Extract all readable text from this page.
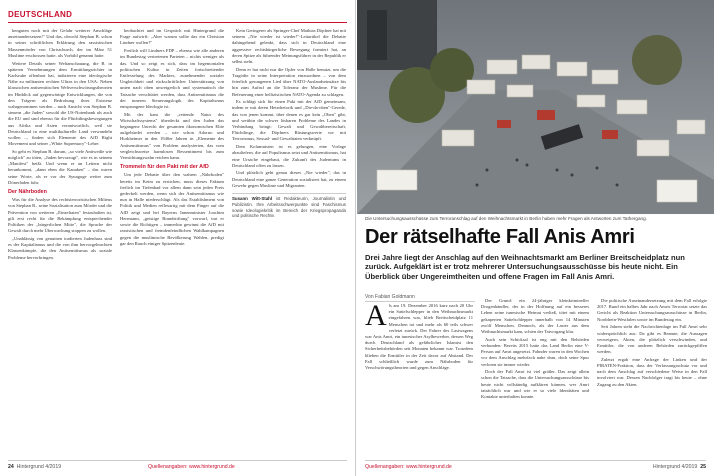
DEUTSCHLAND

kenguten noch mit der Gefahr weiterer Anschläge auseinandersetzen!" Und das, obwohl Stephan B. schon in seiner schriftlichen Erklärung den rassistischen Massenmörder von Christchurch, der im März 51 Muslime erschossen hatte, als Vorbild genannt hatte.

Weitere Details seiner Weltanschauung, die B. in späteren Vernehmungen dem Ermittlungsrichter in Karlsruhe offenbart hat, indizieren eine ideologische Nähe zu militanten rechten Ultras in den USA: Neben klassischen antisemitischen Weltverschwörungstheorien im Hinblick auf gegenwärtige Entwicklungen, die von den Trägern als Bedrohung ihrer Existenz wahrgenommen werden – nach Ansicht von Stephan B. steuern „die Juden" sowohl die US-Notenbank als auch die EU und sind ebenso für die Flüchtlingsbewegungen aus Afrika und Asien verantwortlich, weil sie Deutschland in eine multikulturelle Land verwandeln wollen –, finden sich Elemente des AfD Right Movement und seiner „White Supremacy"-Lehre.

So geht es Stephan B. darum, „so viele Antiweiße wie möglich" zu töten, „Juden bevorzugt", wie es in seinem „Manifest" heißt. Und wenn er an Leitern nicht herankommt, „dann eben die Kanaken" – das waren seine Worte, als er vor der Synagoge weiter zum Dönerladen fuhr.

Der Nährboden

Was für die Analyse des rechtsterroristischen Milieus von Stephan B., seine Sozialisation zum Mörder und die Prävention von weiteren „Einzeltaten" festzuhalten ist, gilt erst recht für die Bekämpfung entsprechender Politiken der „bürgerlichen Mitte", die Sprache der Gewalt durch mehr Überwachung stoppen zu wollen.

„Unablässig von genuinen tradierten Judenhass sind es der Kapitalismus und die von ihm hervorgebrachten Klassenkämpfe, die den Antisemitismus als soziale Probleme hervorbringen.

beobachtet und im Gespräch mit Hintergrund die Frage aufwirft: „Aber warum sollte das ein Christian Lindner wollen?"

Freilich will Lindners FDP – ebenso wie alle anderen im Bundestag vertretenen Parteien – nichts weniger als das. Und so zeigt es sich, dass im hegemonialen politischen Kultur in Zeiten fortschreitender Entfesselung des Marktes, zunehmender sozialer Ungleichheit und rückschrittlicher Unterstützung von unten nach oben unweigerlich und systematisch die Tatsache verschüttet werden, dass Antisemitismus die der inneren Steuerungslogik des Kapitalismus entsprungene Ideologie ist.

Mit der kam die „rettende Natur des Wirtschaftssystems" überdeckt und den Juden das begangene Unrecht der gesamten ökonomischen Elite aufgebürdet werden – wie schon Adorno und Horkheimer in den 1940er Jahren in „Elemente des Antisemitismus" von Problem analysierten, das vom vergleichsweise harmlosen Ressentiment bis zum Vernichtungswahn reichen kann.

Trommeln für den Pakt mit der AfD

Um jede Debatte über den wahren „Nährboden" bereits im Keim zu ersticken, muss dieses Faktum freilich im Tiefenbad vor allem dann sein jeden Preis gedeckelt werden, wenn sich der Antisemitismus wie nun in Halle niederschlägt. Als das Establishment von Politik und Medien reflexartig mit dem Finger auf die AfD zeigt und bei Bayerns Innenminister Joachim Herrmann, „geistige Brandstiftung" vorwarf, trat er sowie die Richtigen – immerhin gewinnt die AfD mit rassistischen und fremdenfeindlichen Wahlkampagnen gegen die muslimische Bevölkerung Wahlen, predigt gar den Rauch einiger Spitzenleute.

Kein Geringerer als Springer-Chef Mathias Döpfner hat mit seinem „Nie wieder ist wieder!"-Leitartikel die Debatte dahingehend gelenkt, dass sich in Deutschland eine aggressive rechtsbürgerliche Bewegung formiert hat, an deren Spitze als führender Meinungsführer in der Republik er selbst steht.

Denn er hat nicht nur die Opfer von Halle benutzt, um die Tragödie in seine Interpretation einzuordnen – von dem feierlich gesungenen Lied über NATO-Auslandseinsätze bis hin zum Aufruf an die Toleranz der Muslime. Für die Befeuerung einer bellizistischen NATO-Agenda zu schlagen.

Es schlägt sich für einen Pakt mit der AfD gemeinsam, indem er mit deren Hetzrhetorik und „Die-da-oben"-Gerede, das von jenen kommt, über denen es gar kein „Oben" gibt, und weithin die schwer lösbaren Probleme des Landes in Verbindung bringt: Gewalt und Gewaltbereitschaft, Flüchtlinge, die Döpfners Rüstungswerte vor mit Terrorismus, Sexual- und Gewalttaten verknüpft.

Dem Kolumnisten ist es gelungen, eine Vorlage abzuliefern, die auf Populismus setzt und Antisemitismus, hat eine Ursache eingebaut, die Zukunft des Judentums in Deutschland offen zu lassen.

Und plötzlich geht genau dieses „Nie wieder", das in Deutschland eine ganze Generation sozialisiert hat, zu einem Gewehr gegen Muslime und Migranten.

Susann Witt-Stahl ist Redakteurin, Journalistin und Publizistin. Ihre Arbeitsschwerpunkte sind Faschismus sowie Ideologiekritik im Bereich der Kriegspropaganda und politische Rechte.
24 Hintergrund 4/2019	Quellenangaben: www.hintergrund.de
Die Untersuchungsausschüsse zum Terroranschlag auf den Weihnachtsmarkt in Berlin haben mehr Fragen als Antworten zum Tathergang.
Der rätselhafte Fall Anis Amri
Drei Jahre liegt der Anschlag auf den Weihnachtsmarkt am Berliner Breitscheidplatz nun zurück. Aufgeklärt ist er trotz mehrerer Untersuchungsausschüsse bis heute nicht. Ein Überblick über Ungereimtheiten und offene Fragen im Fall Anis Amri.
Von Fabian Goldmann
A ls am 19. Dezember 2016 kurz nach 20 Uhr ein Sattelschlepper in den Weihnachtsmarkt eingefahren war, blieb Breitscheidplatz 11 Menschen tot und mehr als 60 teils schwer verletzt zurück. Der Fahrer des Lastwagens war Anis Amri, ein tunesischer Asylbewerber, dessen Weg durch Deutschland als gefährlicher Islamist den Sicherheitsbehörden seit Monaten bekannt war. Trotzdem blieben die Ermittler in der Zeit davor auf Abstand. Der Fall schließlich wurde zum Nährboden für Verschwörungstheorien und gegen Anschläge.

Der Grund: ein 24-jähriger kleinkrimineller Drogenhändler, der in der Hoffnung auf ein besseres Leben seine tunesische Heimat verließ, tötet mit einem gekaperten Sattelschlepper innerhalb von 14 Minuten zwölf Menschen. Dennoch, als der Laster aus dem Weihnachtsmarkt kam, schien der Tatvorgang klar.

Auch sein Schicksal ist eng mit den Behörden verbunden: Bereits 2015 hatte das Land Berlin eine V-Person auf Amri angesetzt. Fahnder waren in den Wochen vor dem Anschlag mehrfach nahe dran, doch seine Spur verloren sie immer wieder.

Doch der Fall Amri ist viel größer. Das zeigt allein schon die Tatsache, dass die Untersuchungsausschüsse bis heute nicht vollständig aufklären können, wer Amri tatsächlich war und wie er so viele Identitäten und Kontakte unterhalten konnte.

Die politische Auseinandersetzung mit dem Fall erfolgte 2017. Rund ein halbes Jahr nach Amris Terrortat setzte das Gericht als Reaktion Untersuchungsausschüsse in Berlin, Nordrhein-Westfalen sowie im Bundestag ein.

Seit Jahren sieht die Nachrichtenlage im Fall Amri sehr widersprüchlich aus: Da gibt es Beamte, die Aussagen verweigern, Akten, die plötzlich verschwinden, und Ermittler, die von anderen Behörden zurückgepfiffen werden.

Zuletzt ergab eine Anfrage der Linken und der PIRATEN-Fraktion, dass der Verfassungsschutz vor und nach dem Anschlag auf verschiedene Weise in den Fall involviert war. Dessen Nachfolger tragt bis heute – ohne Zugang zu den Akten.

Quellenangaben: www.hintergrund.de	Hintergrund 4/2019 25
